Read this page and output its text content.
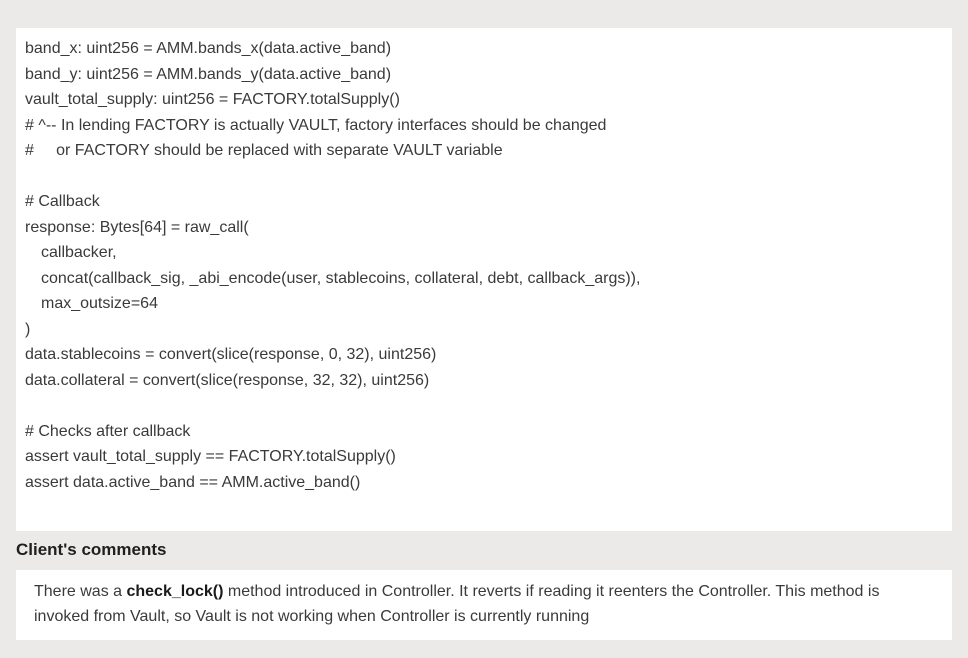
band_x: uint256 = AMM.bands_x(data.active_band)
band_y: uint256 = AMM.bands_y(data.active_band)
vault_total_supply: uint256 = FACTORY.totalSupply()
# ^-- In lending FACTORY is actually VAULT, factory interfaces should be changed
#     or FACTORY should be replaced with separate VAULT variable
# Callback
response: Bytes[64] = raw_call(
callbacker,
concat(callback_sig, _abi_encode(user, stablecoins, collateral, debt, callback_args)),
max_outsize=64
)
data.stablecoins = convert(slice(response, 0, 32), uint256)
data.collateral = convert(slice(response, 32, 32), uint256)
# Checks after callback
assert vault_total_supply == FACTORY.totalSupply()
assert data.active_band == AMM.active_band()
Client's comments
There was a check_lock() method introduced in Controller. It reverts if reading it reenters the Controller. This method is invoked from Vault, so Vault is not working when Controller is currently running
